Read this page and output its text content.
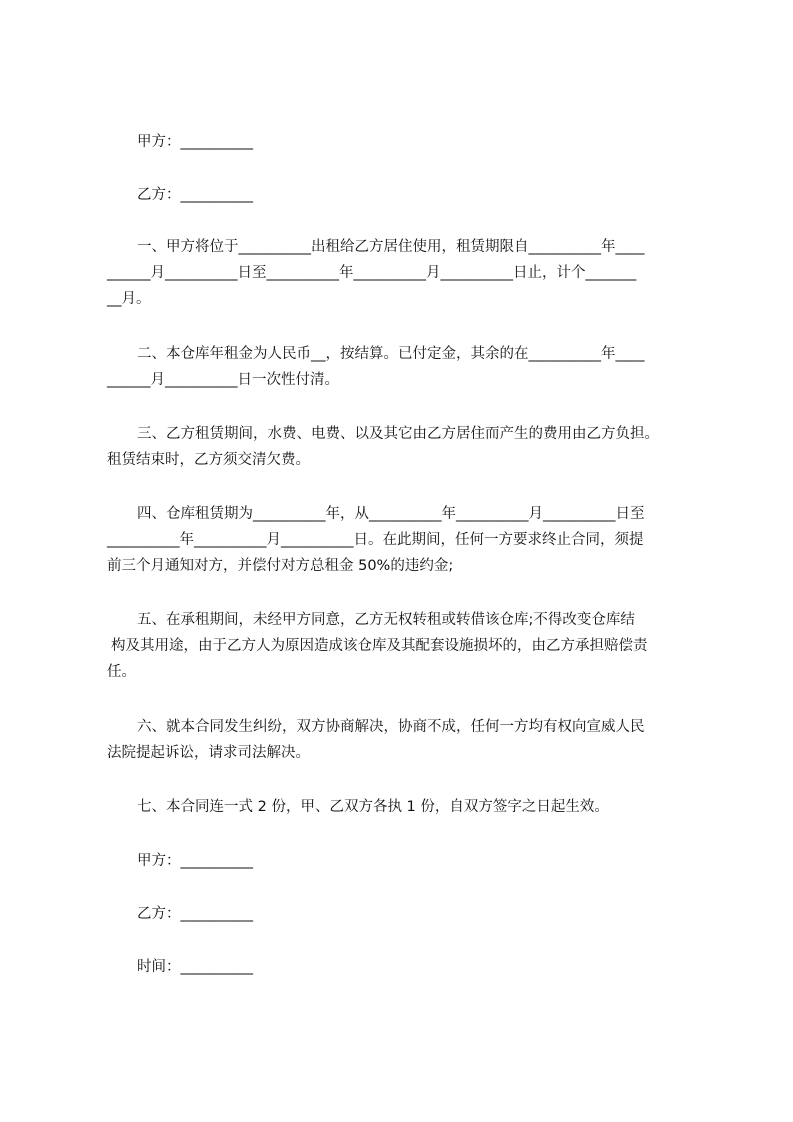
甲方：__________
乙方：__________
一、甲方将位于__________出租给乙方居住使用，租赁期限自__________年____
______月__________日至__________年__________月__________日止，计个_______
__月。
二、本仓库年租金为人民币__，按结算。已付定金，其余的在__________年____
______月__________日一次性付清。
三、乙方租赁期间，水费、电费、以及其它由乙方居住而产生的费用由乙方负担。
租赁结束时，乙方须交清欠费。
四、仓库租赁期为__________年，从__________年__________月__________日至
__________年__________月__________日。在此期间，任何一方要求终止合同，须提
前三个月通知对方，并偿付对方总租金 50%的违约金;
五、在承租期间，未经甲方同意，乙方无权转租或转借该仓库;不得改变仓库结
构及其用途，由于乙方人为原因造成该仓库及其配套设施损坏的，由乙方承担赔偿责
任。
六、就本合同发生纠纷，双方协商解决，协商不成，任何一方均有权向宣威人民
法院提起诉讼，请求司法解决。
七、本合同连一式 2 份，甲、乙双方各执 1 份，自双方签字之日起生效。
甲方：__________
乙方：__________
时间：__________
